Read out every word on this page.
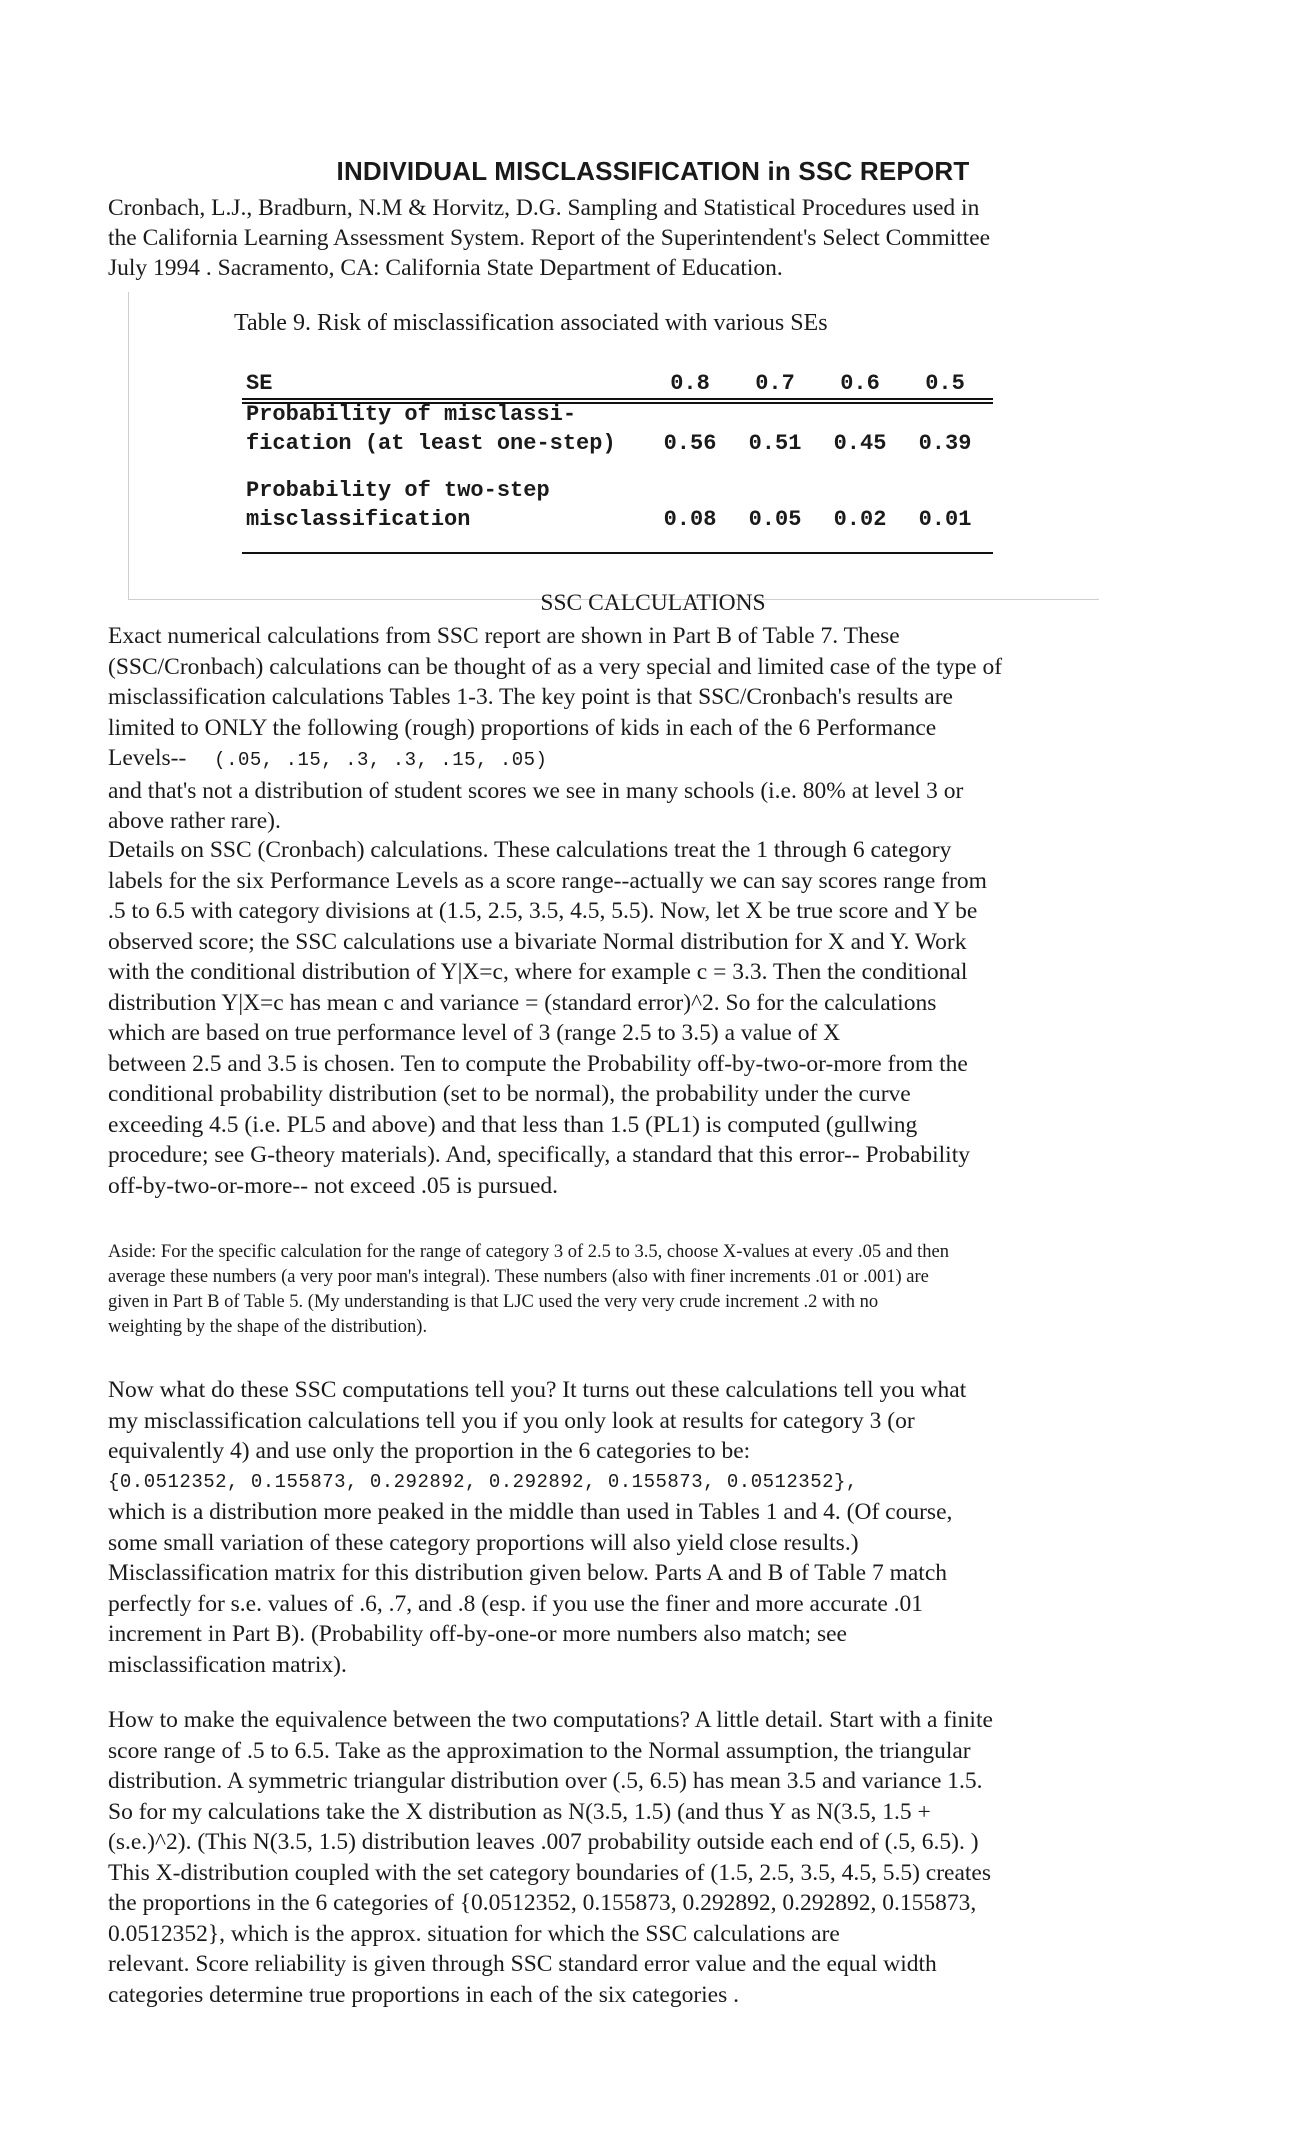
INDIVIDUAL MISCLASSIFICATION in SSC REPORT
Cronbach, L.J., Bradburn, N.M & Horvitz, D.G. Sampling and Statistical Procedures used in
the California Learning Assessment System. Report of the Superintendent's Select Committee
July 1994 . Sacramento, CA: California State Department of Education.
Table 9. Risk of misclassification associated with various SEs
SE	0.8	0.7	0.6	0.5
Probability of misclassi-
fication (at least one-step)	0.56	0.51	0.45	0.39
Probability of two-step
misclassification	0.08	0.05	0.02	0.01
SSC CALCULATIONS
Exact numerical calculations from SSC report are shown in Part B of Table 7. These
(SSC/Cronbach) calculations can be thought of as a very special and limited case of the type of
misclassification calculations Tables 1-3. The key point is that SSC/Cronbach's results are
limited to ONLY the following (rough) proportions of kids in each of the 6 Performance
Levels-- (.05, .15, .3, .3, .15, .05)
and that's not a distribution of student scores we see in many schools (i.e. 80% at level 3 or
above rather rare).
Details on SSC (Cronbach) calculations. These calculations treat the 1 through 6 category
labels for the six Performance Levels as a score range--actually we can say scores range from
.5 to 6.5 with category divisions at (1.5, 2.5, 3.5, 4.5, 5.5). Now, let X be true score and Y be
observed score; the SSC calculations use a bivariate Normal distribution for X and Y. Work
with the conditional distribution of Y|X=c, where for example c = 3.3. Then the conditional
distribution Y|X=c has mean c and variance = (standard error)^2. So for the calculations
which are based on true performance level of 3 (range 2.5 to 3.5) a value of X
between 2.5 and 3.5 is chosen. Ten to compute the Probability off-by-two-or-more from the
conditional probability distribution (set to be normal), the probability under the curve
exceeding 4.5 (i.e. PL5 and above) and that less than 1.5 (PL1) is computed (gullwing
procedure; see G-theory materials). And, specifically, a standard that this error-- Probability
off-by-two-or-more-- not exceed .05 is pursued.
Aside: For the specific calculation for the range of category 3 of 2.5 to 3.5, choose X-values at every .05 and then
average these numbers (a very poor man's integral). These numbers (also with finer increments .01 or .001) are
given in Part B of Table 5. (My understanding is that LJC used the very very crude increment .2 with no
weighting by the shape of the distribution).
Now what do these SSC computations tell you? It turns out these calculations tell you what
my misclassification calculations tell you if you only look at results for category 3 (or
equivalently 4) and use only the proportion in the 6 categories to be:
{0.0512352, 0.155873, 0.292892, 0.292892, 0.155873, 0.0512352},
which is a distribution more peaked in the middle than used in Tables 1 and 4. (Of course,
some small variation of these category proportions will also yield close results.)
Misclassification matrix for this distribution given below. Parts A and B of Table 7 match
perfectly for s.e. values of .6, .7, and .8 (esp. if you use the finer and more accurate .01
increment in Part B). (Probability off-by-one-or more numbers also match; see
misclassification matrix).
How to make the equivalence between the two computations? A little detail. Start with a finite
score range of .5 to 6.5. Take as the approximation to the Normal assumption, the triangular
distribution. A symmetric triangular distribution over (.5, 6.5) has mean 3.5 and variance 1.5.
So for my calculations take the X distribution as N(3.5, 1.5) (and thus Y as N(3.5, 1.5 +
(s.e.)^2). (This N(3.5, 1.5) distribution leaves .007 probability outside each end of (.5, 6.5). )
This X-distribution coupled with the set category boundaries of (1.5, 2.5, 3.5, 4.5, 5.5) creates
the proportions in the 6 categories of {0.0512352, 0.155873, 0.292892, 0.292892, 0.155873,
0.0512352}, which is the approx. situation for which the SSC calculations are
relevant. Score reliability is given through SSC standard error value and the equal width
categories determine true proportions in each of the six categories .
